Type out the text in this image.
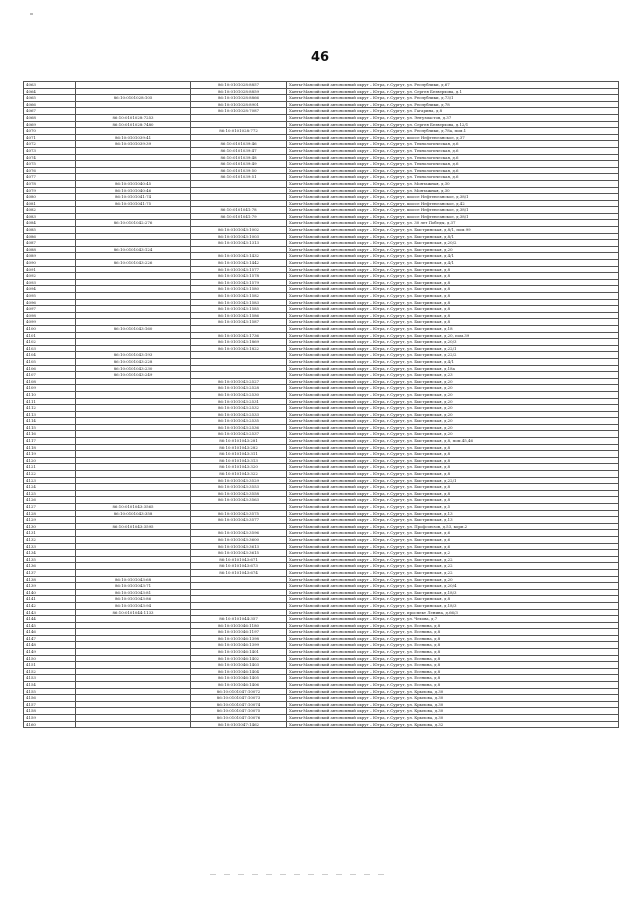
46
4063		86:10:0101028:8857	Ханты-Мансийский автономный округ – Югра, г.Сургут, ул. Республики, д.67
4064		86:10:0101028:8859	Ханты-Мансийский автономный округ – Югра, г.Сургут, ул. Сергея Безверхова, д.1
4065	86:10:0101028:105	86:10:0101028:8866	Ханты-Мансийский автономный округ – Югра, г.Сургут, ул. Республики, д.73/1
4066		86:10:0101028:8901	Ханты-Мансийский автономный округ – Югра, г.Сургут, ул. Республики, д.78
4067		86:10:0101028:7087	Ханты-Мансийский автономный округ – Югра, г.Сургут, ул. Гагарина, д.8
4068	86:10:0101028:7253		Ханты-Мансийский автономный округ – Югра, г.Сургут, ул. Энтузиастов, д.37
4069	86:10:0101028:7480		Ханты-Мансийский автономный округ – Югра, г.Сургут, ул. Сергея Безверхова, д.12/1
4070		86:10:0101028:772	Ханты-Мансийский автономный округ – Югра, г.Сургут, ул. Республики, д.78а, пом.1
4071	86:10:0101039:41		Ханты-Мансийский автономный округ – Югра, г.Сургут, шоссе Нефтеюганское, д.37
4072	86:10:0101039:39	86:10:0101039:46	Ханты-Мансийский автономный округ – Югра, г.Сургут, ул. Технологическая, д.6
4073		86:10:0101039:47	Ханты-Мансийский автономный округ – Югра, г.Сургут, ул. Технологическая, д.6
4074		86:10:0101039:48	Ханты-Мансийский автономный округ – Югра, г.Сургут, ул. Технологическая, д.6
4075		86:10:0101039:49	Ханты-Мансийский автономный округ – Югра, г.Сургут, ул. Технологическая, д.6
4076		86:10:0101039:50	Ханты-Мансийский автономный округ – Югра, г.Сургут, ул. Технологическая, д.6
4077		86:10:0101039:51	Ханты-Мансийский автономный округ – Югра, г.Сургут, ул. Технологическая, д.6
4078	86:10:0101040:45		Ханты-Мансийский автономный округ – Югра, г.Сургут, ул. Монтажная, д.30
4079	86:10:0101040:46		Ханты-Мансийский автономный округ – Югра, г.Сургут, ул. Монтажная, д.30
4080	86:10:0101041:74		Ханты-Мансийский автономный округ – Югра, г.Сургут, шоссе Нефтеюганское, д.38/1
4081	86:10:0101041:75		Ханты-Мансийский автономный округ – Югра, г.Сургут, шоссе Нефтеюганское, д.42
4082		86:10:0101041:78	Ханты-Мансийский автономный округ – Югра, г.Сургут, шоссе Нефтеюганское, д.38/1
4083		86:10:0101041:79	Ханты-Мансийский автономный округ – Югра, г.Сургут, шоссе Нефтеюганское, д.38/1
4084	86:10:0101042:276		Ханты-Мансийский автономный округ – Югра, г.Сургут, ул. 30 лет Победы, д.37
4085		86:10:0101043:1002	Ханты-Мансийский автономный округ – Югра, г.Сургут, ул. Быстринская, д.8/1, пом.99
4086		86:10:0101043:1003	Ханты-Мансийский автономный округ – Югра, г.Сургут, ул. Быстринская, д.8/1
4087		86:10:0101043:1313	Ханты-Мансийский автономный округ – Югра, г.Сургут, ул. Быстринская, д.20/2
4088	86:10:0101043:124		Ханты-Мансийский автономный округ – Югра, г.Сургут, ул. Быстринская, д.20
4089		86:10:0101043:1432	Ханты-Мансийский автономный округ – Югра, г.Сургут, ул. Быстринская, д.4/1
4090	86:10:0101043:226	86:10:0101043:1442	Ханты-Мансийский автономный округ – Югра, г.Сургут, ул. Быстринская, д.4/1
4091		86:10:0101043:1577	Ханты-Мансийский автономный округ – Югра, г.Сургут, ул. Быстринская, д.8
4092		86:10:0101043:1578	Ханты-Мансийский автономный округ – Югра, г.Сургут, ул. Быстринская, д.8
4093		86:10:0101043:1579	Ханты-Мансийский автономный округ – Югра, г.Сургут, ул. Быстринская, д.8
4094		86:10:0101043:1580	Ханты-Мансийский автономный округ – Югра, г.Сургут, ул. Быстринская, д.8
4095		86:10:0101043:1582	Ханты-Мансийский автономный округ – Югра, г.Сургут, ул. Быстринская, д.8
4096		86:10:0101043:1583	Ханты-Мансийский автономный округ – Югра, г.Сургут, ул. Быстринская, д.8
4097		86:10:0101043:1585	Ханты-Мансийский автономный округ – Югра, г.Сургут, ул. Быстринская, д.8
4098		86:10:0101043:1586	Ханты-Мансийский автономный округ – Югра, г.Сургут, ул. Быстринская, д.8
4099		86:10:0101043:1587	Ханты-Мансийский автономный округ – Югра, г.Сургут, ул. Быстринская, д.8
4100	86:10:0101043:160		Ханты-Мансийский автономный округ – Югра, г.Сургут, ул. Быстринская, д.18
4101		86:10:0101043:1736	Ханты-Мансийский автономный округ – Югра, г.Сургут, ул. Быстринская, д.20, пом.39
4102		86:10:0101043:1869	Ханты-Мансийский автономный округ – Югра, г.Сургут, ул. Быстринская, д.20/3
4103		86:10:0101043:1822	Ханты-Мансийский автономный округ – Югра, г.Сургут, ул. Быстринская, д.22/1
4104	86:10:0101043:193		Ханты-Мансийский автономный округ – Югра, г.Сургут, ул. Быстринская, д.22/2
4105	86:10:0101043:228		Ханты-Мансийский автономный округ – Югра, г.Сургут, ул. Быстринская, д.4/1
4106	86:10:0101043:230		Ханты-Мансийский автономный округ – Югра, г.Сургут, ул. Быстринская, д.18а
4107	86:10:0101043:249		Ханты-Мансийский автономный округ – Югра, г.Сургут, ул. Быстринская, д.23
4108		86:10:0101043:2527	Ханты-Мансийский автономный округ – Югра, г.Сургут, ул. Быстринская, д.20
4109		86:10:0101043:2528	Ханты-Мансийский автономный округ – Югра, г.Сургут, ул. Быстринская, д.20
4110		86:10:0101043:2530	Ханты-Мансийский автономный округ – Югра, г.Сургут, ул. Быстринская, д.20
4111		86:10:0101043:2531	Ханты-Мансийский автономный округ – Югра, г.Сургут, ул. Быстринская, д.20
4112		86:10:0101043:2532	Ханты-Мансийский автономный округ – Югра, г.Сургут, ул. Быстринская, д.20
4113		86:10:0101043:2533	Ханты-Мансийский автономный округ – Югра, г.Сургут, ул. Быстринская, д.20
4114		86:10:0101043:2535	Ханты-Мансийский автономный округ – Югра, г.Сургут, ул. Быстринская, д.20
4115		86:10:0101043:2536	Ханты-Мансийский автономный округ – Югра, г.Сургут, ул. Быстринская, д.20
4116		86:10:0101043:2537	Ханты-Мансийский автономный округ – Югра, г.Сургут, ул. Быстринская, д.20
4117		86:10:0101043:281	Ханты-Мансийский автономный округ – Югра, г.Сургут, ул. Быстринская, д.8, пом.45,46
4118		86:10:0101043:282	Ханты-Мансийский автономный округ – Югра, г.Сургут, ул. Быстринская, д.8
4119		86:10:0101043:311	Ханты-Мансийский автономный округ – Югра, г.Сургут, ул. Быстринская, д.8
4120		86:10:0101043:313	Ханты-Мансийский автономный округ – Югра, г.Сургут, ул. Быстринская, д.8
4121		86:10:0101043:320	Ханты-Мансийский автономный округ – Югра, г.Сургут, ул. Быстринская, д.8
4122		86:10:0101043:322	Ханты-Мансийский автономный округ – Югра, г.Сургут, ул. Быстринская, д.8
4123		86:10:0101043:3529	Ханты-Мансийский автономный округ – Югра, г.Сургут, ул. Быстринская, д.22/1
4124		86:10:0101043:3553	Ханты-Мансийский автономный округ – Югра, г.Сургут, ул. Быстринская, д.8
4125		86:10:0101043:3558	Ханты-Мансийский автономный округ – Югра, г.Сургут, ул. Быстринская, д.8
4126		86:10:0101043:3563	Ханты-Мансийский автономный округ – Югра, г.Сургут, ул. Быстринская, д.8
4127	86:10:0101043:3565		Ханты-Мансийский автономный округ – Югра, г.Сургут, ул. Быстринская, д.5
4128	86:10:0101043:358	86:10:0101043:3575	Ханты-Мансийский автономный округ – Югра, г.Сургут, ул. Быстринская, д.13
4129		86:10:0101043:3577	Ханты-Мансийский автономный округ – Югра, г.Сургут, ул. Быстринская, д.13
4130	86:10:0101043:3595		Ханты-Мансийский автономный округ – Югра, г.Сургут, ул. Профсоюзов, д.53, корп.2
4131		86:10:0101043:3596	Ханты-Мансийский автономный округ – Югра, г.Сургут, ул. Быстринская, д.6
4132		86:10:0101043:3600	Ханты-Мансийский автономный округ – Югра, г.Сургут, ул. Быстринская, д.6
4133		86:10:0101043:3613	Ханты-Мансийский автономный округ – Югра, г.Сургут, ул. Быстринская, д.6
4134		86:10:0101043:3615	Ханты-Мансийский автономный округ – Югра, г.Сургут, ул. Быстринская, д.2
4135		86:10:0101043:671	Ханты-Мансийский автономный округ – Югра, г.Сургут, ул. Быстринская, д.22
4136		86:10:0101043:673	Ханты-Мансийский автономный округ – Югра, г.Сургут, ул. Быстринская, д.22
4137		86:10:0101043:674	Ханты-Мансийский автономный округ – Югра, г.Сургут, ул. Быстринская, д.22
4138	86:10:0101043:68		Ханты-Мансийский автономный округ – Югра, г.Сургут, ул. Быстринская, д.20
4139	86:10:0101043:71		Ханты-Мансийский автономный округ – Югра, г.Сургут, ул. Быстринская, д.20/4
4140	86:10:0101043:81		Ханты-Мансийский автономный округ – Югра, г.Сургут, ул. Быстринская, д.18/3
4141	86:10:0101043:86		Ханты-Мансийский автономный округ – Югра, г.Сургут, ул. Быстринская, д.8
4142	86:10:0101043:94		Ханты-Мансийский автономный округ – Югра, г.Сургут, ул. Быстринская, д.18/3
4143	86:10:0101044:1133		Ханты-Мансийский автономный округ – Югра, г.Сургут, проспект Ленина, д.66/3
4144		86:10:0101044:357	Ханты-Мансийский автономный округ – Югра, г.Сургут, ул. Чехова, д.7
4145		86:10:0101046:1180	Ханты-Мансийский автономный округ – Югра, г.Сургут, ул. Есенина, д.8
4146		86:10:0101046:1197	Ханты-Мансийский автономный округ – Югра, г.Сургут, ул. Есенина, д.8
4147		86:10:0101046:1398	Ханты-Мансийский автономный округ – Югра, г.Сургут, ул. Есенина, д.8
4148		86:10:0101046:1399	Ханты-Мансийский автономный округ – Югра, г.Сургут, ул. Есенина, д.8
4149		86:10:0101046:1401	Ханты-Мансийский автономный округ – Югра, г.Сургут, ул. Есенина, д.8
4150		86:10:0101046:1402	Ханты-Мансийский автономный округ – Югра, г.Сургут, ул. Есенина, д.8
4151		86:10:0101046:1403	Ханты-Мансийский автономный округ – Югра, г.Сургут, ул. Есенина, д.8
4152		86:10:0101046:1404	Ханты-Мансийский автономный округ – Югра, г.Сургут, ул. Есенина, д.8
4153		86:10:0101046:1405	Ханты-Мансийский автономный округ – Югра, г.Сургут, ул. Есенина, д.8
4154		86:10:0101046:1406	Ханты-Мансийский автономный округ – Югра, г.Сургут, ул. Есенина, д.8
4155		86:10:0101047:10072	Ханты-Мансийский автономный округ – Югра, г.Сургут, ул. Крылова, д.30
4156		86:10:0101047:10073	Ханты-Мансийский автономный округ – Югра, г.Сургут, ул. Крылова, д.30
4157		86:10:0101047:10074	Ханты-Мансийский автономный округ – Югра, г.Сургут, ул. Крылова, д.30
4158		86:10:0101047:10075	Ханты-Мансийский автономный округ – Югра, г.Сургут, ул. Крылова, д.30
4159		86:10:0101047:10076	Ханты-Мансийский автономный округ – Югра, г.Сургут, ул. Крылова, д.30
4160		86:10:0101047:1462	Ханты-Мансийский автономный округ – Югра, г.Сургут, ул. Крылова, д.32
